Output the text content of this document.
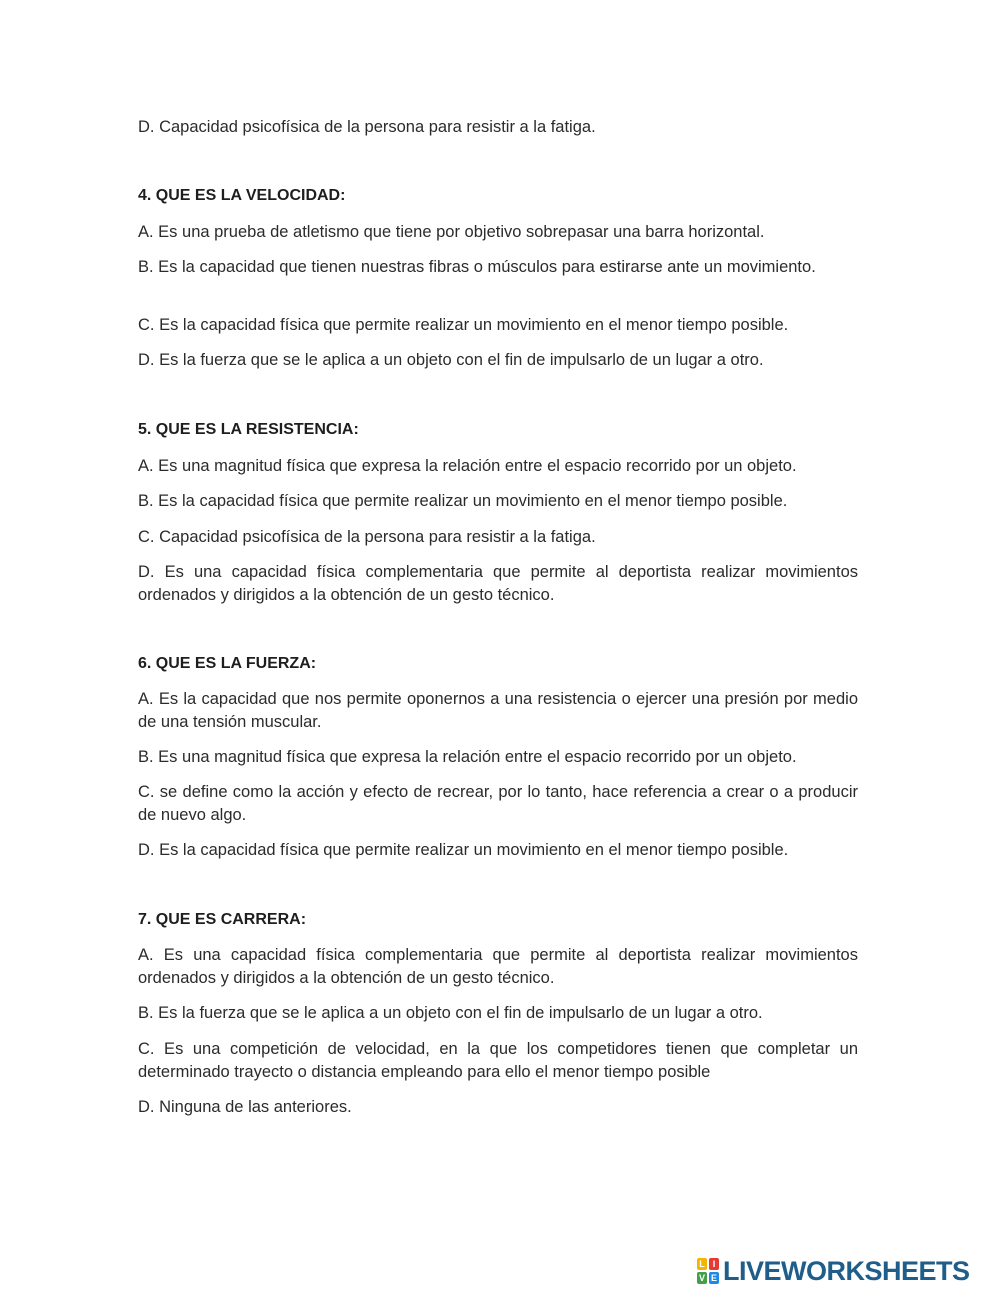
D. Capacidad psicofísica de la persona para resistir a la fatiga.

4. QUE ES LA VELOCIDAD:

A. Es una prueba de atletismo que tiene por objetivo sobrepasar una barra horizontal.

B. Es la capacidad que tienen nuestras fibras o músculos para estirarse ante un movimiento.

C. Es la capacidad física que permite realizar un movimiento en el menor tiempo posible.

D. Es la fuerza que se le aplica a un objeto con el fin de impulsarlo de un lugar a otro.

5. QUE ES LA RESISTENCIA:

A. Es una magnitud física que expresa la relación entre el espacio recorrido por un objeto.

B. Es la capacidad física que permite realizar un movimiento en el menor tiempo posible.

C. Capacidad psicofísica de la persona para resistir a la fatiga.

D. Es una capacidad física complementaria que permite al deportista realizar movimientos ordenados y dirigidos a la obtención de un gesto técnico.

6. QUE ES LA FUERZA:

A. Es la capacidad que nos permite oponernos a una resistencia o ejercer una presión por medio de una tensión muscular.

B. Es una magnitud física que expresa la relación entre el espacio recorrido por un objeto.

C. se define como la acción y efecto de recrear, por lo tanto, hace referencia a crear o a producir de nuevo algo.

D. Es la capacidad física que permite realizar un movimiento en el menor tiempo posible.

7. QUE ES CARRERA:

A. Es una capacidad física complementaria que permite al deportista realizar movimientos ordenados y dirigidos a la obtención de un gesto técnico.

B. Es la fuerza que se le aplica a un objeto con el fin de impulsarlo de un lugar a otro.

C. Es una competición de velocidad, en la que los competidores tienen que completar un determinado trayecto o distancia empleando para ello el menor tiempo posible

D. Ninguna de las anteriores.

L I
V E LIVEWORKSHEETS
